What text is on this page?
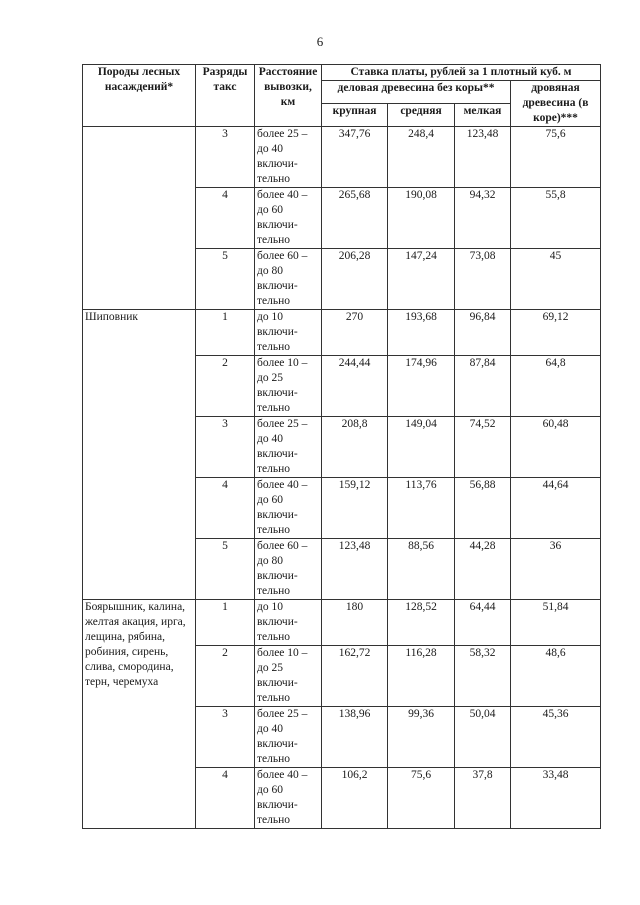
6
Породы лесных насаждений*	Разряды такс	Расстояние вывозки, км	Ставка платы, рублей за 1 плотный куб. м			
			деловая древесина без коры**			дровяная древесина (в коре)***
			крупная	средняя	мелкая	
	3	более 25 – до 40 включи- тельно	347,76	248,4	123,48	75,6
	4	более 40 – до 60 включи- тельно	265,68	190,08	94,32	55,8
	5	более 60 – до 80 включи- тельно	206,28	147,24	73,08	45
Шиповник	1	до 10 включи- тельно	270	193,68	96,84	69,12
	2	более 10 – до 25 включи- тельно	244,44	174,96	87,84	64,8
	3	более 25 – до 40 включи- тельно	208,8	149,04	74,52	60,48
	4	более 40 – до 60 включи- тельно	159,12	113,76	56,88	44,64
	5	более 60 – до 80 включи- тельно	123,48	88,56	44,28	36
Боярышник, калина, желтая акация, ирга, лещина, рябина, робиния, сирень, слива, смородина, терн, черемуха	1	до 10 включи- тельно	180	128,52	64,44	51,84
	2	более 10 – до 25 включи- тельно	162,72	116,28	58,32	48,6
	3	более 25 – до 40 включи- тельно	138,96	99,36	50,04	45,36
	4	более 40 – до 60 включи- тельно	106,2	75,6	37,8	33,48
